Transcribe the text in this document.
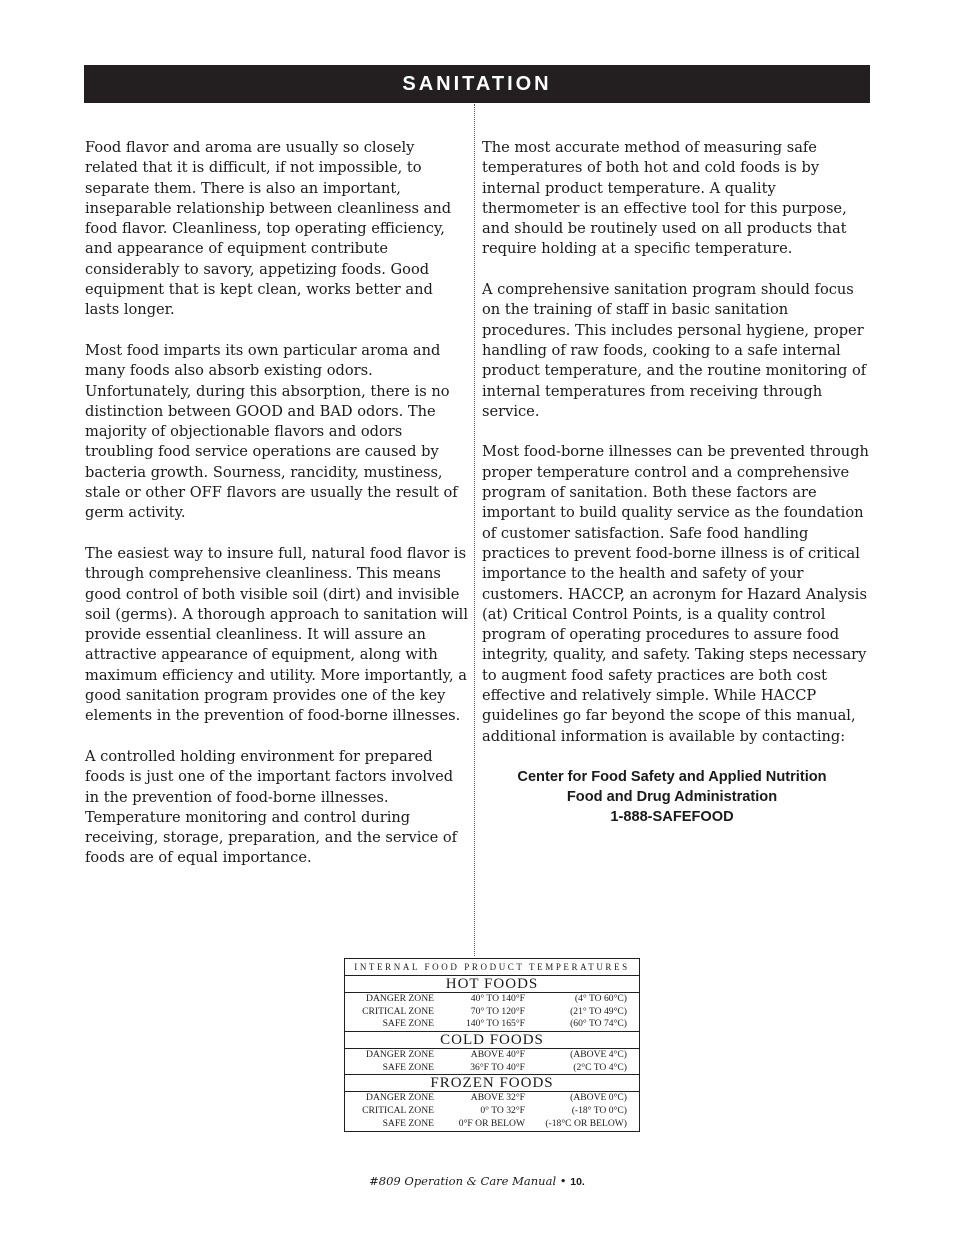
SANITATION

Food flavor and aroma are usually so closely related that it is difficult, if not impossible, to separate them. There is also an important, inseparable relationship between cleanliness and food flavor. Cleanliness, top operating efficiency, and appearance of equipment contribute considerably to savory, appetizing foods. Good equipment that is kept clean, works better and lasts longer.

Most food imparts its own particular aroma and many foods also absorb existing odors. Unfortunately, during this absorption, there is no distinction between GOOD and BAD odors. The majority of objectionable flavors and odors troubling food service operations are caused by bacteria growth. Sourness, rancidity, mustiness, stale or other OFF flavors are usually the result of germ activity.

The easiest way to insure full, natural food flavor is through comprehensive cleanliness. This means good control of both visible soil (dirt) and invisible soil (germs). A thorough approach to sanitation will provide essential cleanliness. It will assure an attractive appearance of equipment, along with maximum efficiency and utility. More importantly, a good sanitation program provides one of the key elements in the prevention of food-borne illnesses.

A controlled holding environment for prepared foods is just one of the important factors involved in the prevention of food-borne illnesses. Temperature monitoring and control during receiving, storage, preparation, and the service of foods are of equal importance.

The most accurate method of measuring safe temperatures of both hot and cold foods is by internal product temperature. A quality thermometer is an effective tool for this purpose, and should be routinely used on all products that require holding at a specific temperature.

A comprehensive sanitation program should focus on the training of staff in basic sanitation procedures. This includes personal hygiene, proper handling of raw foods, cooking to a safe internal product temperature, and the routine monitoring of internal temperatures from receiving through service.

Most food-borne illnesses can be prevented through proper temperature control and a comprehensive program of sanitation. Both these factors are important to build quality service as the foundation of customer satisfaction. Safe food handling practices to prevent food-borne illness is of critical importance to the health and safety of your customers. HACCP, an acronym for Hazard Analysis (at) Critical Control Points, is a quality control program of operating procedures to assure food integrity, quality, and safety. Taking steps necessary to augment food safety practices are both cost effective and relatively simple. While HACCP guidelines go far beyond the scope of this manual, additional information is available by contacting:

Center for Food Safety and Applied Nutrition
Food and Drug Administration
1-888-SAFEFOOD
INTERNAL FOOD PRODUCT TEMPERATURES
HOT FOODS
DANGER ZONE	40° TO 140°F	(4° TO 60°C)
CRITICAL ZONE	70° TO 120°F	(21° TO 49°C)
SAFE ZONE	140° TO 165°F	(60° TO 74°C)
COLD FOODS
DANGER ZONE	ABOVE 40°F	(ABOVE 4°C)
SAFE ZONE	36°F TO 40°F	(2°C TO 4°C)
FROZEN FOODS
DANGER ZONE	ABOVE 32°F	(ABOVE 0°C)
CRITICAL ZONE	0° TO 32°F	(-18° TO 0°C)
SAFE ZONE	0°F OR BELOW	(-18°C OR BELOW)
#809 Operation & Care Manual • 10.
